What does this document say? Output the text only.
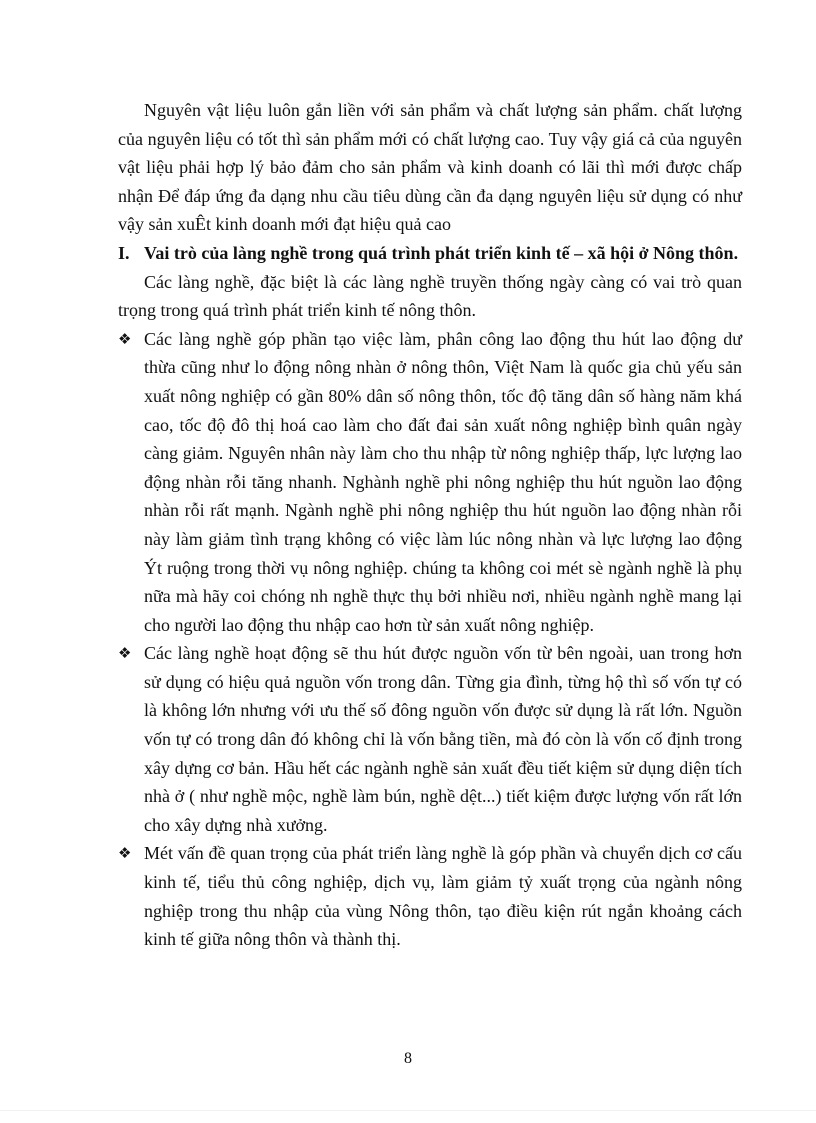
Nguyên vật liệu luôn gắn liền với sản phẩm và chất lượng sản phẩm. chất lượng của nguyên liệu có tốt thì sản phẩm mới có chất lượng cao. Tuy vậy giá cả của nguyên vật liệu phải hợp lý bảo đảm cho sản phẩm và kinh doanh có lãi thì mới được chấp nhận Để đáp ứng đa dạng nhu cầu tiêu dùng cần đa dạng nguyên liệu sử dụng có như vậy sản xuÊt kinh doanh mới đạt hiệu quả cao

I. Vai trò của làng nghề trong quá trình phát triển kinh tế – xã hội ở Nông thôn.

Các làng nghề, đặc biệt là các làng nghề truyền thống ngày càng có vai trò quan trọng trong quá trình phát triển kinh tế nông thôn.

❖ Các làng nghề góp phần tạo việc làm, phân công lao động thu hút lao động dư thừa cũng như lo động nông nhàn ở nông thôn, Việt Nam là quốc gia chủ yếu sản xuất nông nghiệp có gần 80% dân số nông thôn, tốc độ tăng dân số hàng năm khá cao, tốc độ đô thị hoá cao làm cho đất đai sản xuất nông nghiệp bình quân ngày càng giảm. Nguyên nhân này làm cho thu nhập từ nông nghiệp thấp, lực lượng lao động nhàn rỗi tăng nhanh. Nghành nghề phi nông nghiệp thu hút nguồn lao động nhàn rỗi rất mạnh. Ngành nghề phi nông nghiệp thu hút nguồn lao động nhàn rỗi này làm giảm tình trạng không có việc làm lúc nông nhàn và lực lượng lao động Ýt ruộng trong thời vụ nông nghiệp. chúng ta không coi mét sè ngành nghề là phụ nữa mà hãy coi chóng nh nghề thực thụ bởi nhiều nơi, nhiều ngành nghề mang lại cho người lao động thu nhập cao hơn từ sản xuất nông nghiệp.
❖ Các làng nghề hoạt động sẽ thu hút được nguồn vốn từ bên ngoài, uan trong hơn sử dụng có hiệu quả nguồn vốn trong dân. Từng gia đình, từng hộ thì số vốn tự có là không lớn nhưng với ưu thế số đông nguồn vốn được sử dụng là rất lớn. Nguồn vốn tự có trong dân đó không chỉ là vốn bằng tiền, mà đó còn là vốn cố định trong xây dựng cơ bản. Hầu hết các ngành nghề sản xuất đều tiết kiệm sử dụng diện tích nhà ở ( như nghề mộc, nghề làm bún, nghề dệt...) tiết kiệm được lượng vốn rất lớn cho xây dựng nhà xưởng.
❖ Mét vấn đề quan trọng của phát triển làng nghề là góp phần và chuyển dịch cơ cấu kinh tế, tiểu thủ công nghiệp, dịch vụ, làm giảm tỷ xuất trọng của ngành nông nghiệp trong thu nhập của vùng Nông thôn, tạo điều kiện rút ngắn khoảng cách kinh tế giữa nông thôn và thành thị.
8
